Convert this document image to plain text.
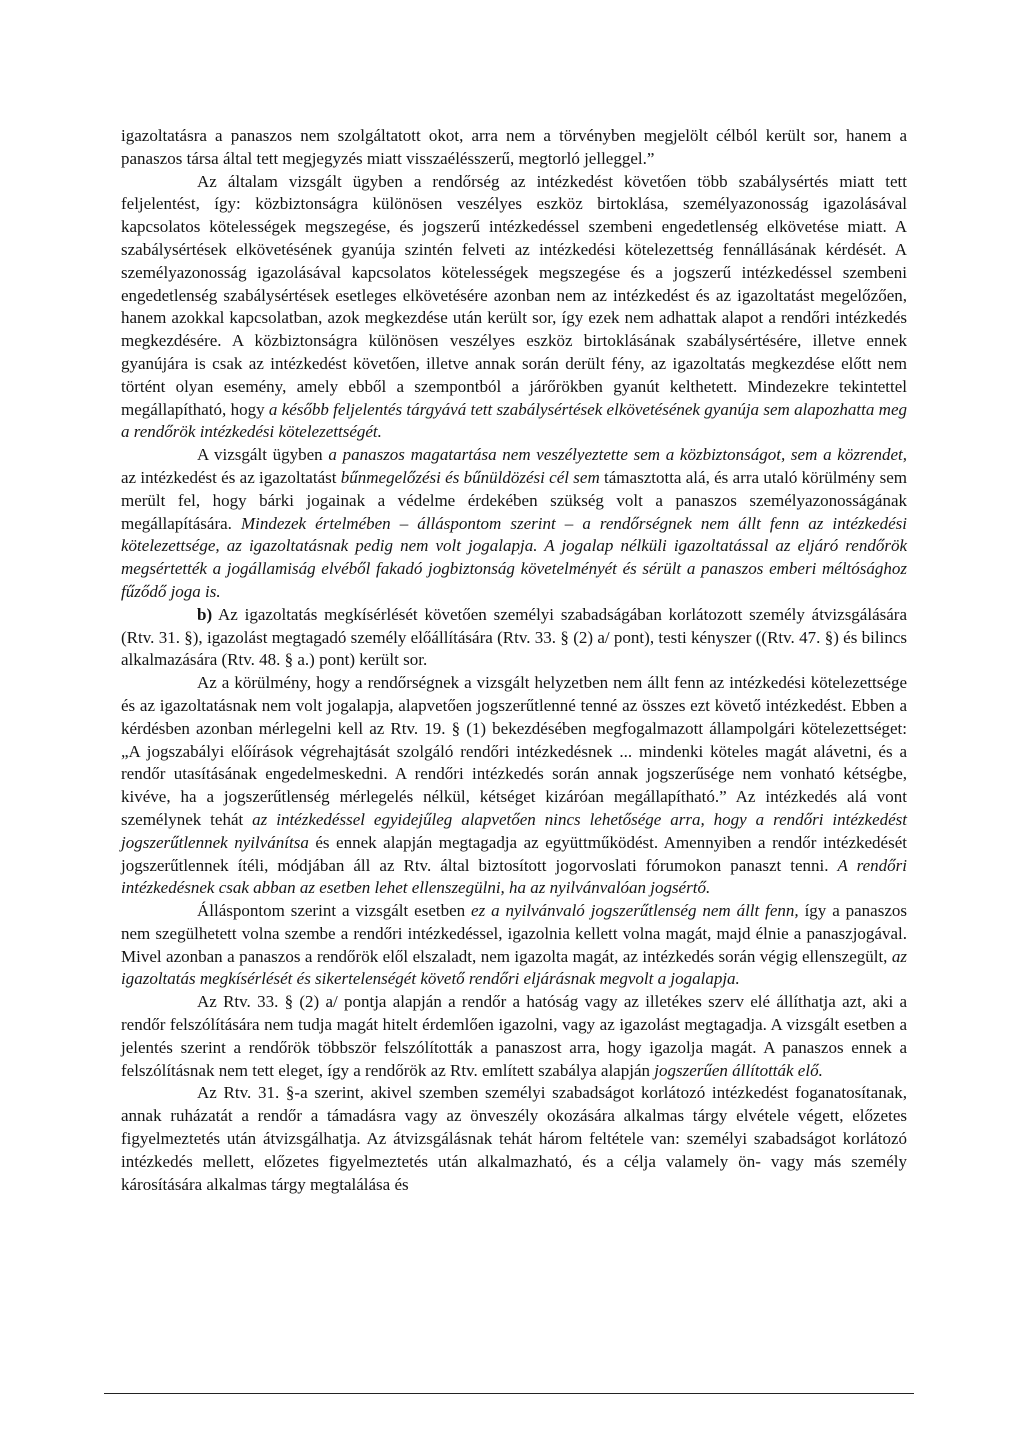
igazoltatásra a panaszos nem szolgáltatott okot, arra nem a törvényben megjelölt célból került sor, hanem a panaszos társa által tett megjegyzés miatt visszaélésszerű, megtorló jelleggel.”

Az általam vizsgált ügyben a rendőrség az intézkedést követően több szabálysértés miatt tett feljelentést, így: közbiztonságra különösen veszélyes eszköz birtoklása, személyazonosság igazolásával kapcsolatos kötelességek megszegése, és jogszerű intézkedéssel szembeni engedetlenség elkövetése miatt. A szabálysértések elkövetésének gyanúja szintén felveti az intézkedési kötelezettség fennállásának kérdését. A személyazonosság igazolásával kapcsolatos kötelességek megszegése és a jogszerű intézkedéssel szembeni engedetlenség szabálysértések esetleges elkövetésére azonban nem az intézkedést és az igazoltatást megelőzően, hanem azokkal kapcsolatban, azok megkezdése után került sor, így ezek nem adhattak alapot a rendőri intézkedés megkezdésére. A közbiztonságra különösen veszélyes eszköz birtoklásának szabálysértésére, illetve ennek gyanújára is csak az intézkedést követően, illetve annak során derült fény, az igazoltatás megkezdése előtt nem történt olyan esemény, amely ebből a szempontból a járőrökben gyanút kelthetett. Mindezekre tekintettel megállapítható, hogy a később feljelentés tárgyává tett szabálysértések elkövetésének gyanúja sem alapozhatta meg a rendőrök intézkedési kötelezettségét.

A vizsgált ügyben a panaszos magatartása nem veszélyeztette sem a közbiztonságot, sem a közrendet, az intézkedést és az igazoltatást bűnmegelőzési és bűnüldözési cél sem támasztotta alá, és arra utaló körülmény sem merült fel, hogy bárki jogainak a védelme érdekében szükség volt a panaszos személyazonosságának megállapítására. Mindezek értelmében – álláspontom szerint – a rendőrségnek nem állt fenn az intézkedési kötelezettsége, az igazoltatásnak pedig nem volt jogalapja. A jogalap nélküli igazoltatással az eljáró rendőrök megsértették a jogállamiság elvéből fakadó jogbiztonság követelményét és sérült a panaszos emberi méltósághoz fűződő joga is.

b) Az igazoltatás megkísérlését követően személyi szabadságában korlátozott személy átvizsgálására (Rtv. 31. §), igazolást megtagadó személy előállítására (Rtv. 33. § (2) a/ pont), testi kényszer ((Rtv. 47. §) és bilincs alkalmazására (Rtv. 48. § a.) pont) került sor.

Az a körülmény, hogy a rendőrségnek a vizsgált helyzetben nem állt fenn az intézkedési kötelezettsége és az igazoltatásnak nem volt jogalapja, alapvetően jogszerűtlenné tenné az összes ezt követő intézkedést. Ebben a kérdésben azonban mérlegelni kell az Rtv. 19. § (1) bekezdésében megfogalmazott állampolgári kötelezettséget: „A jogszabályi előírások végrehajtását szolgáló rendőri intézkedésnek ... mindenki köteles magát alávetni, és a rendőr utasításának engedelmeskedni. A rendőri intézkedés során annak jogszerűsége nem vonható kétségbe, kivéve, ha a jogszerűtlenség mérlegelés nélkül, kétséget kizáróan megállapítható.” Az intézkedés alá vont személynek tehát az intézkedéssel egyidejűleg alapvetően nincs lehetősége arra, hogy a rendőri intézkedést jogszerűtlennek nyilvánítsa és ennek alapján megtagadja az együttműködést. Amennyiben a rendőr intézkedését jogszerűtlennek ítéli, módjában áll az Rtv. által biztosított jogorvoslati fórumokon panaszt tenni. A rendőri intézkedésnek csak abban az esetben lehet ellenszegülni, ha az nyilvánvalóan jogsértő.

Álláspontom szerint a vizsgált esetben ez a nyilvánvaló jogszerűtlenség nem állt fenn, így a panaszos nem szegülhetett volna szembe a rendőri intézkedéssel, igazolnia kellett volna magát, majd élnie a panaszjogával. Mivel azonban a panaszos a rendőrök elől elszaladt, nem igazolta magát, az intézkedés során végig ellenszegült, az igazoltatás megkísérlését és sikertelenségét követő rendőri eljárásnak megvolt a jogalapja.

Az Rtv. 33. § (2) a/ pontja alapján a rendőr a hatóság vagy az illetékes szerv elé állíthatja azt, aki a rendőr felszólítására nem tudja magát hitelt érdemlően igazolni, vagy az igazolást megtagadja. A vizsgált esetben a jelentés szerint a rendőrök többször felszólították a panaszost arra, hogy igazolja magát. A panaszos ennek a felszólításnak nem tett eleget, így a rendőrök az Rtv. említett szabálya alapján jogszerűen állították elő.

Az Rtv. 31. §-a szerint, akivel szemben személyi szabadságot korlátozó intézkedést foganatosítanak, annak ruházatát a rendőr a támadásra vagy az önveszély okozására alkalmas tárgy elvétele végett, előzetes figyelmeztetés után átvizsgálhatja. Az átvizsgálásnak tehát három feltétele van: személyi szabadságot korlátozó intézkedés mellett, előzetes figyelmeztetés után alkalmazható, és a célja valamely ön- vagy más személy károsítására alkalmas tárgy megtalálása és
